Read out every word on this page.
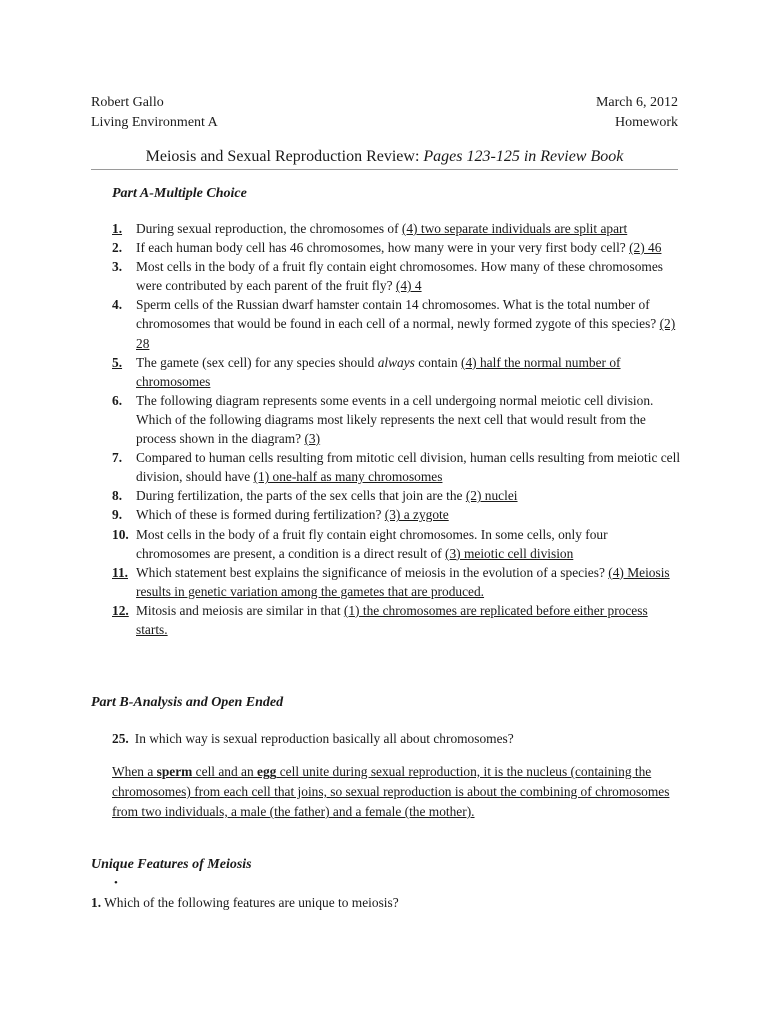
Robert Gallo
Living Environment A
March 6, 2012
Homework
Meiosis and Sexual Reproduction Review: Pages 123-125 in Review Book
Part A-Multiple Choice
1. During sexual reproduction, the chromosomes of (4) two separate individuals are split apart
2. If each human body cell has 46 chromosomes, how many were in your very first body cell? (2) 46
3. Most cells in the body of a fruit fly contain eight chromosomes. How many of these chromosomes were contributed by each parent of the fruit fly? (4) 4
4. Sperm cells of the Russian dwarf hamster contain 14 chromosomes. What is the total number of chromosomes that would be found in each cell of a normal, newly formed zygote of this species? (2) 28
5. The gamete (sex cell) for any species should always contain (4) half the normal number of chromosomes
6. The following diagram represents some events in a cell undergoing normal meiotic cell division. Which of the following diagrams most likely represents the next cell that would result from the process shown in the diagram? (3)
7. Compared to human cells resulting from mitotic cell division, human cells resulting from meiotic cell division, should have (1) one-half as many chromosomes
8. During fertilization, the parts of the sex cells that join are the (2) nuclei
9. Which of these is formed during fertilization? (3) a zygote
10. Most cells in the body of a fruit fly contain eight chromosomes. In some cells, only four chromosomes are present, a condition is a direct result of (3) meiotic cell division
11. Which statement best explains the significance of meiosis in the evolution of a species? (4) Meiosis results in genetic variation among the gametes that are produced.
12. Mitosis and meiosis are similar in that (1) the chromosomes are replicated before either process starts.
Part B-Analysis and Open Ended
25. In which way is sexual reproduction basically all about chromosomes?
When a sperm cell and an egg cell unite during sexual reproduction, it is the nucleus (containing the chromosomes) from each cell that joins, so sexual reproduction is about the combining of chromosomes from two individuals, a male (the father) and a female (the mother).
Unique Features of Meiosis
•
1. Which of the following features are unique to meiosis?
